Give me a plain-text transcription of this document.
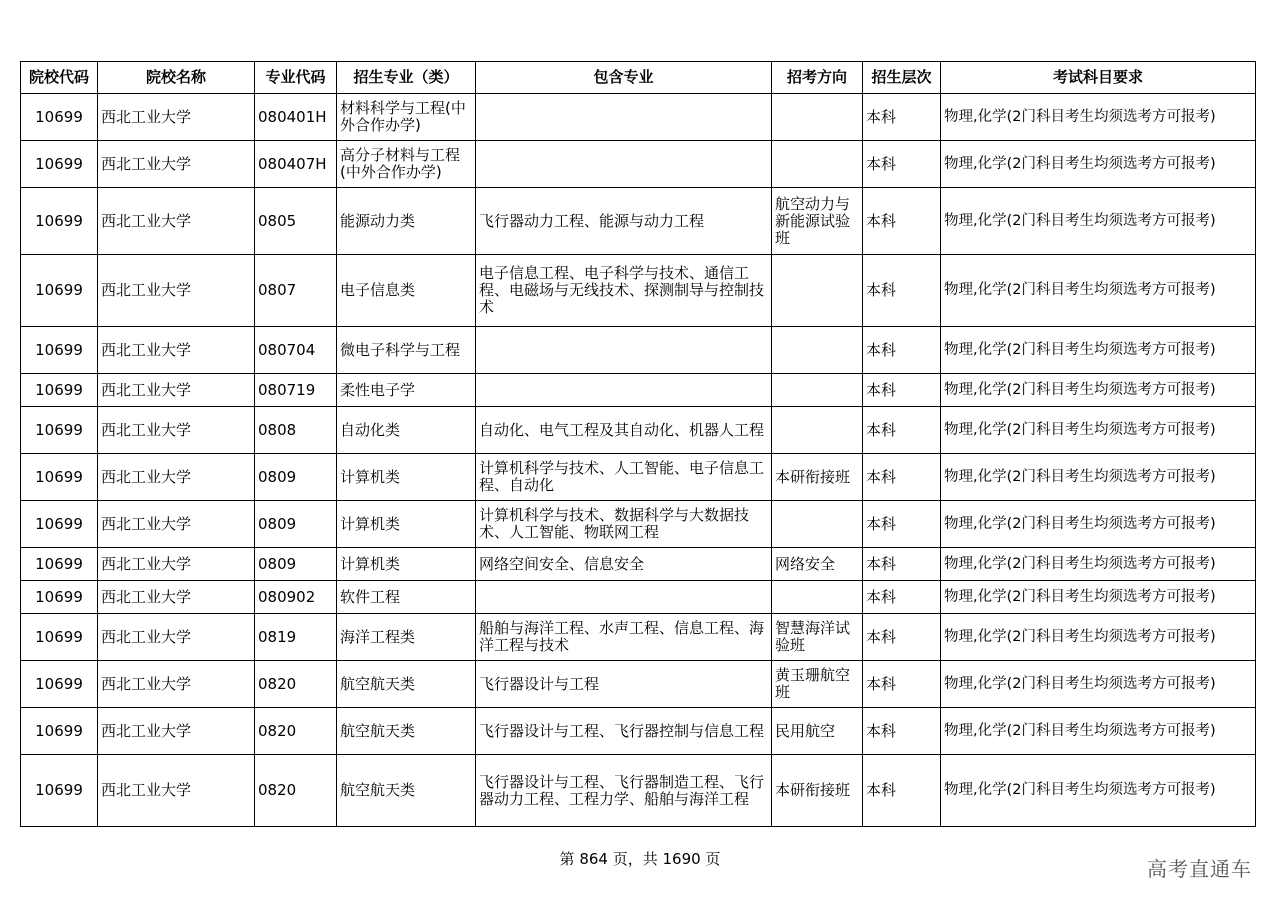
院校代码	院校名称	专业代码	招生专业（类）	包含专业	招考方向	招生层次	考试科目要求
10699	西北工业大学	080401H	材料科学与工程(中外合作办学)			本科	物理,化学(2门科目考生均须选考方可报考)
10699	西北工业大学	080407H	高分子材料与工程(中外合作办学)			本科	物理,化学(2门科目考生均须选考方可报考)
10699	西北工业大学	0805	能源动力类	飞行器动力工程、能源与动力工程	航空动力与新能源试验班	本科	物理,化学(2门科目考生均须选考方可报考)
10699	西北工业大学	0807	电子信息类	电子信息工程、电子科学与技术、通信工程、电磁场与无线技术、探测制导与控制技术		本科	物理,化学(2门科目考生均须选考方可报考)
10699	西北工业大学	080704	微电子科学与工程			本科	物理,化学(2门科目考生均须选考方可报考)
10699	西北工业大学	080719	柔性电子学			本科	物理,化学(2门科目考生均须选考方可报考)
10699	西北工业大学	0808	自动化类	自动化、电气工程及其自动化、机器人工程		本科	物理,化学(2门科目考生均须选考方可报考)
10699	西北工业大学	0809	计算机类	计算机科学与技术、人工智能、电子信息工程、自动化	本研衔接班	本科	物理,化学(2门科目考生均须选考方可报考)
10699	西北工业大学	0809	计算机类	计算机科学与技术、数据科学与大数据技术、人工智能、物联网工程		本科	物理,化学(2门科目考生均须选考方可报考)
10699	西北工业大学	0809	计算机类	网络空间安全、信息安全	网络安全	本科	物理,化学(2门科目考生均须选考方可报考)
10699	西北工业大学	080902	软件工程			本科	物理,化学(2门科目考生均须选考方可报考)
10699	西北工业大学	0819	海洋工程类	船舶与海洋工程、水声工程、信息工程、海洋工程与技术	智慧海洋试验班	本科	物理,化学(2门科目考生均须选考方可报考)
10699	西北工业大学	0820	航空航天类	飞行器设计与工程	黄玉珊航空班	本科	物理,化学(2门科目考生均须选考方可报考)
10699	西北工业大学	0820	航空航天类	飞行器设计与工程、飞行器控制与信息工程	民用航空	本科	物理,化学(2门科目考生均须选考方可报考)
10699	西北工业大学	0820	航空航天类	飞行器设计与工程、飞行器制造工程、飞行器动力工程、工程力学、船舶与海洋工程	本研衔接班	本科	物理,化学(2门科目考生均须选考方可报考)
第 864 页，共 1690 页	高考直通车
